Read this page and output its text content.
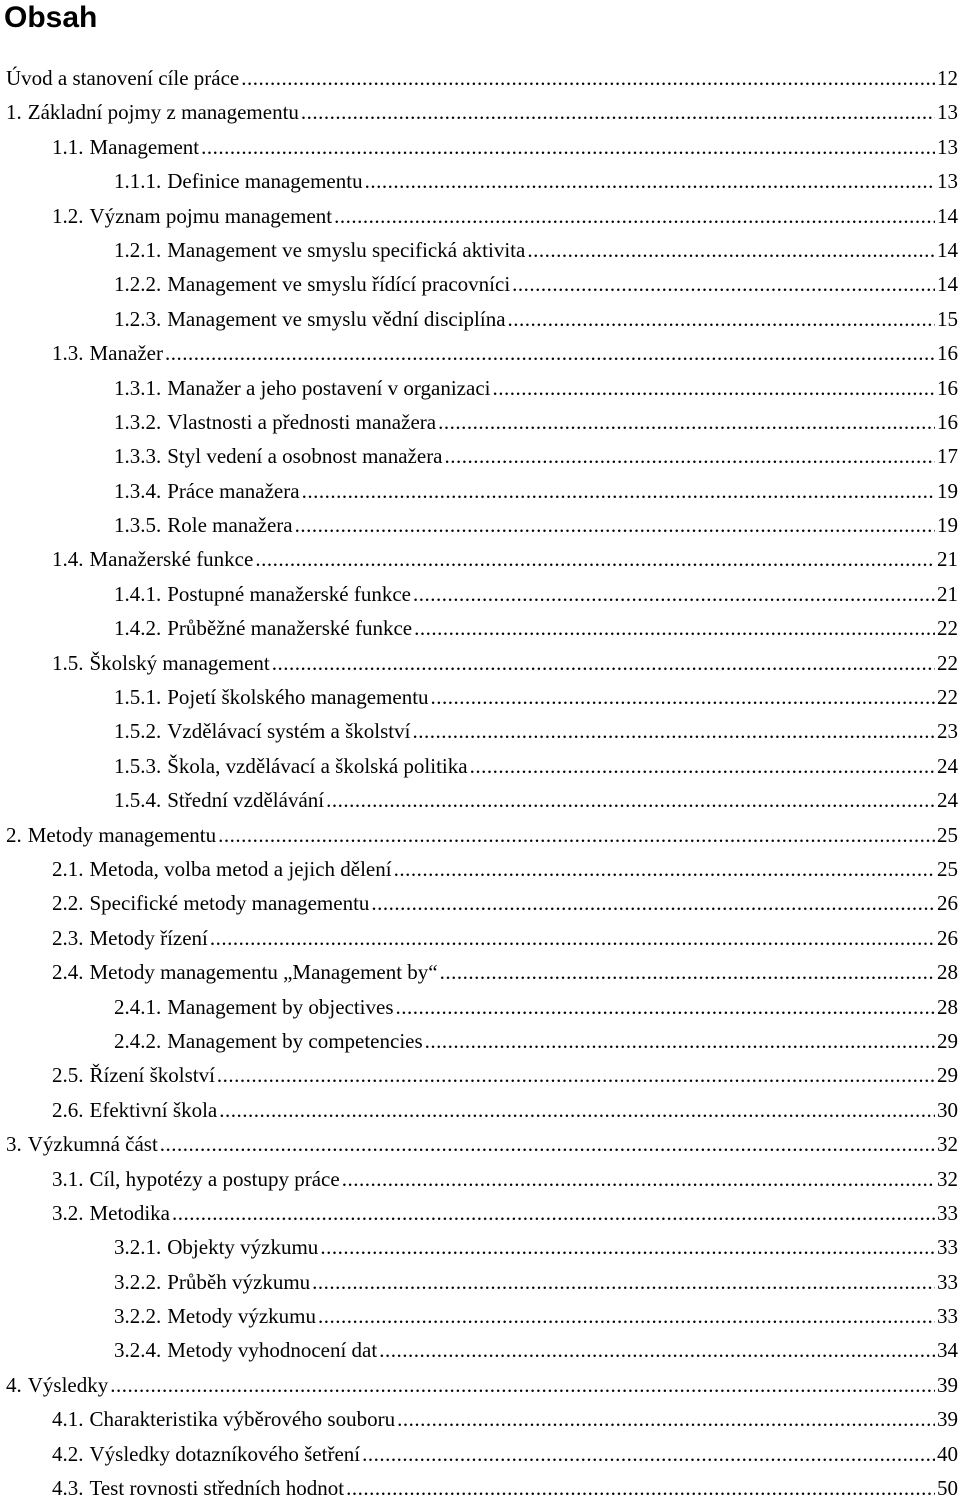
Obsah
Úvod a stanovení cíle práce .....	12
1. Základní pojmy z managementu .....	13
1.1. Management .....	13
1.1.1. Definice managementu .....	13
1.2. Význam pojmu management .....	14
1.2.1. Management ve smyslu specifická aktivita .....	14
1.2.2. Management ve smyslu řídící pracovníci .....	14
1.2.3. Management ve smyslu vědní disciplína .....	15
1.3. Manažer .....	16
1.3.1. Manažer a jeho postavení v organizaci .....	16
1.3.2. Vlastnosti a přednosti manažera .....	16
1.3.3. Styl vedení a osobnost manažera .....	17
1.3.4. Práce manažera .....	19
1.3.5. Role manažera .....	19
1.4. Manažerské funkce .....	21
1.4.1. Postupné manažerské funkce .....	21
1.4.2. Průběžné manažerské funkce .....	22
1.5. Školský management .....	22
1.5.1. Pojetí školského managementu .....	22
1.5.2. Vzdělávací systém a školství .....	23
1.5.3. Škola, vzdělávací a školská politika .....	24
1.5.4. Střední vzdělávání .....	24
2. Metody managementu .....	25
2.1. Metoda, volba metod a jejich dělení .....	25
2.2. Specifické metody managementu .....	26
2.3. Metody řízení .....	26
2.4. Metody managementu „Management by“ .....	28
2.4.1. Management by objectives .....	28
2.4.2. Management by competencies .....	29
2.5. Řízení školství .....	29
2.6. Efektivní škola .....	30
3. Výzkumná část .....	32
3.1. Cíl, hypotézy a postupy práce .....	32
3.2. Metodika .....	33
3.2.1. Objekty výzkumu .....	33
3.2.2. Průběh výzkumu .....	33
3.2.2. Metody výzkumu .....	33
3.2.4. Metody vyhodnocení dat .....	34
4. Výsledky .....	39
4.1. Charakteristika výběrového souboru .....	39
4.2. Výsledky dotazníkového šetření .....	40
4.3. Test rovnosti středních hodnot .....	50
